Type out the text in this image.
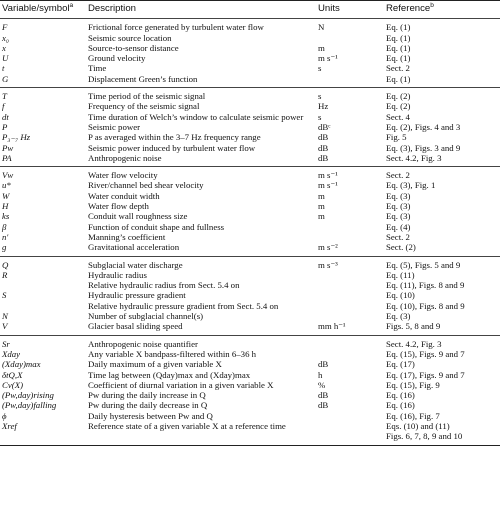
Variable/symbol$^a$	Description	Units	Reference$^b$
F	Frictional force generated by turbulent water flow	N	Eq. (1)
x₀	Seismic source location		Eq. (1)
x	Source-to-sensor distance	m	Eq. (1)
U	Ground velocity	m s⁻¹	Eq. (1)
t	Time	s	Sect. 2
G	Displacement Green’s function		Eq. (1)
T	Time period of the seismic signal	s	Eq. (2)
f	Frequency of the seismic signal	Hz	Eq. (2)
dt	Time duration of Welch’s window to calculate seismic power	s	Sect. 4
P	Seismic power	dBᶜ	Eq. (2), Figs. 4 and 3
P₃₋₇ Hz	P as averaged within the 3–7 Hz frequency range	dB	Fig. 5
Pw	Seismic power induced by turbulent water flow	dB	Eq. (3), Figs. 3 and 9
PA	Anthropogenic noise	dB	Sect. 4.2, Fig. 3
Vw	Water flow velocity	m s⁻¹	Sect. 2
u*	River/channel bed shear velocity	m s⁻¹	Eq. (3), Fig. 1
W	Water conduit width	m	Eq. (3)
H	Water flow depth	m	Eq. (3)
ks	Conduit wall roughness size	m	Eq. (3)
β	Function of conduit shape and fullness		Eq. (4)
n′	Manning’s coefficient		Sect. 2
g	Gravitational acceleration	m s⁻²	Sect. (2)
Q	Subglacial water discharge	m s⁻³	Eq. (5), Figs. 5 and 9
R	Hydraulic radius		Eq. (11)
	Relative hydraulic radius from Sect. 5.4 on		Eq. (11), Figs. 8 and 9
S	Hydraulic pressure gradient		Eq. (10)
	Relative hydraulic pressure gradient from Sect. 5.4 on		Eq. (10), Figs. 8 and 9
N	Number of subglacial channel(s)		Eq. (3)
V	Glacier basal sliding speed	mm h⁻¹	Figs. 5, 8 and 9
Sr	Anthropogenic noise quantifier		Sect. 4.2, Fig. 3
Xday	Any variable X bandpass-filtered within 6–36 h		Eq. (15), Figs. 9 and 7
(Xday)max	Daily maximum of a given variable X	dB	Eq. (17)
δtQ,X	Time lag between (Qday)max and (Xday)max	h	Eq. (17), Figs. 9 and 7
Cv(X)	Coefficient of diurnal variation in a given variable X	%	Eq. (15), Fig. 9
(Pw,day)rising	Pw during the daily increase in Q	dB	Eq. (16)
(Pw,day)falling	Pw during the daily decrease in Q	dB	Eq. (16)
ϕ	Daily hysteresis between Pw and Q		Eq. (16), Fig. 7
Xref	Reference state of a given variable X at a reference time		Eqs. (10) and (11)
			Figs. 6, 7, 8, 9 and 10
